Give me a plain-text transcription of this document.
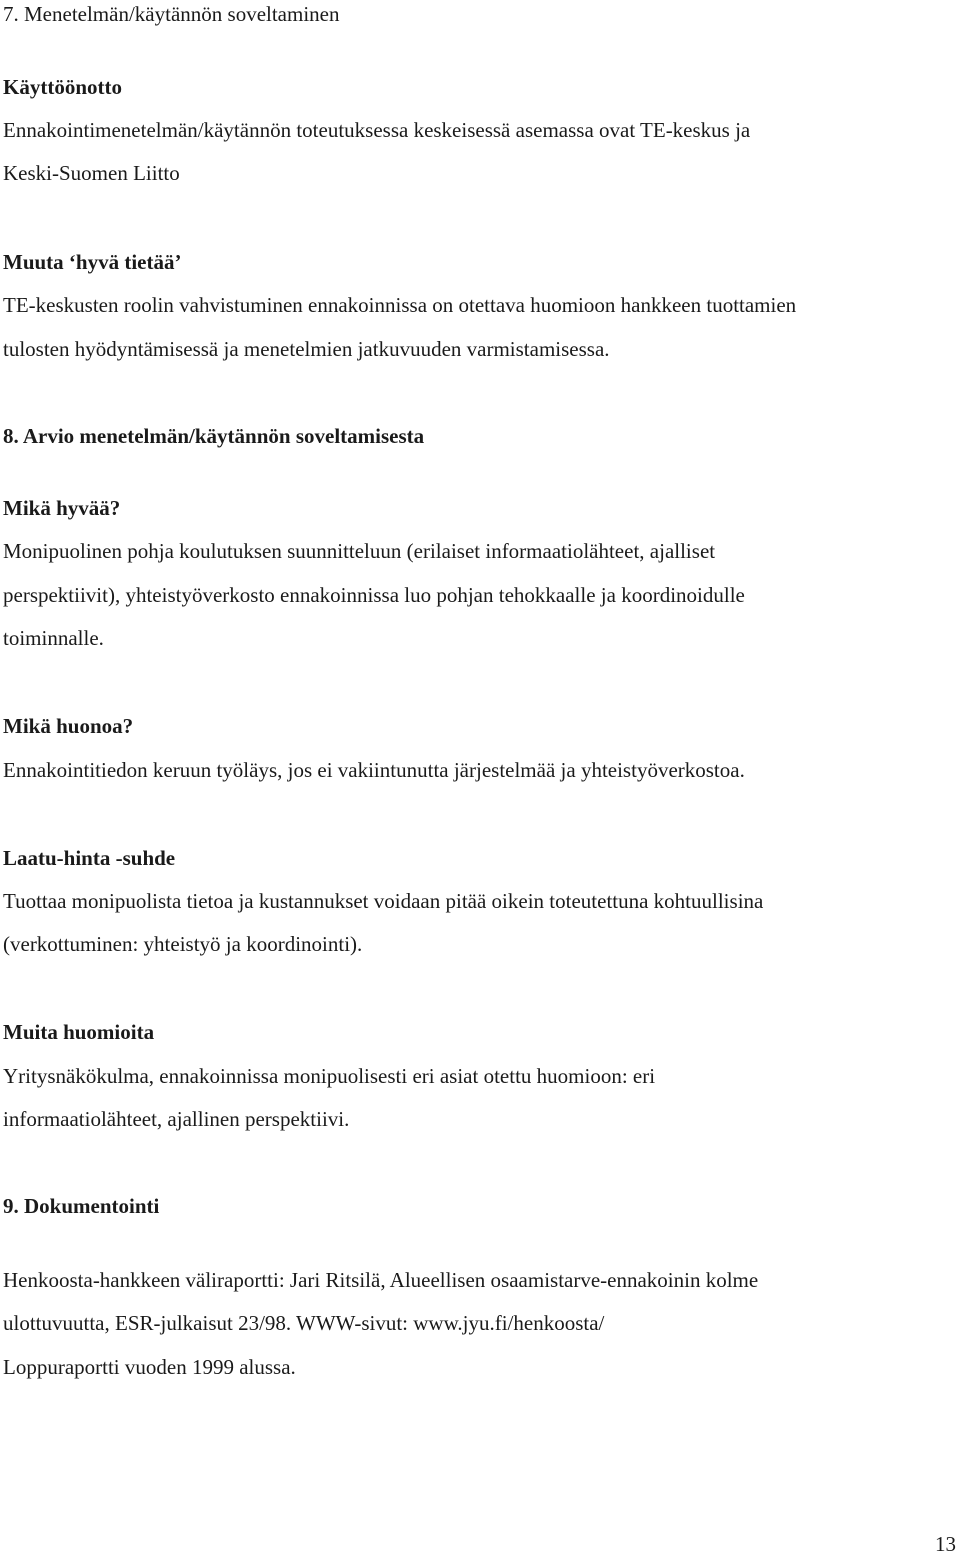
7. Menetelmän/käytännön soveltaminen
Käyttöönotto
Ennakointimenetelmän/käytännön toteutuksessa keskeisessä asemassa ovat TE-keskus ja
Keski-Suomen Liitto
Muuta ‘hyvä tietää’
TE-keskusten roolin vahvistuminen ennakoinnissa on otettava huomioon hankkeen tuottamien
tulosten hyödyntämisessä ja menetelmien jatkuvuuden varmistamisessa.
8. Arvio menetelmän/käytännön soveltamisesta
Mikä hyvää?
Monipuolinen pohja koulutuksen suunnitteluun (erilaiset informaatiolähteet, ajalliset
perspektiivit), yhteistyöverkosto ennakoinnissa luo pohjan tehokkaalle ja koordinoidulle
toiminnalle.
Mikä huonoa?
Ennakointitiedon keruun työläys, jos ei vakiintunutta järjestelmää ja yhteistyöverkostoa.
Laatu-hinta -suhde
Tuottaa monipuolista tietoa ja kustannukset voidaan pitää oikein toteutettuna kohtuullisina
(verkottuminen: yhteistyö ja koordinointi).
Muita huomioita
Yritysnäkökulma, ennakoinnissa monipuolisesti eri asiat otettu huomioon: eri
informaatiolähteet, ajallinen perspektiivi.
9. Dokumentointi
Henkoosta-hankkeen väliraportti: Jari Ritsilä, Alueellisen osaamistarve-ennakoinin kolme
ulottuvuutta, ESR-julkaisut 23/98. WWW-sivut: www.jyu.fi/henkoosta/
Loppuraportti vuoden 1999 alussa.
13
